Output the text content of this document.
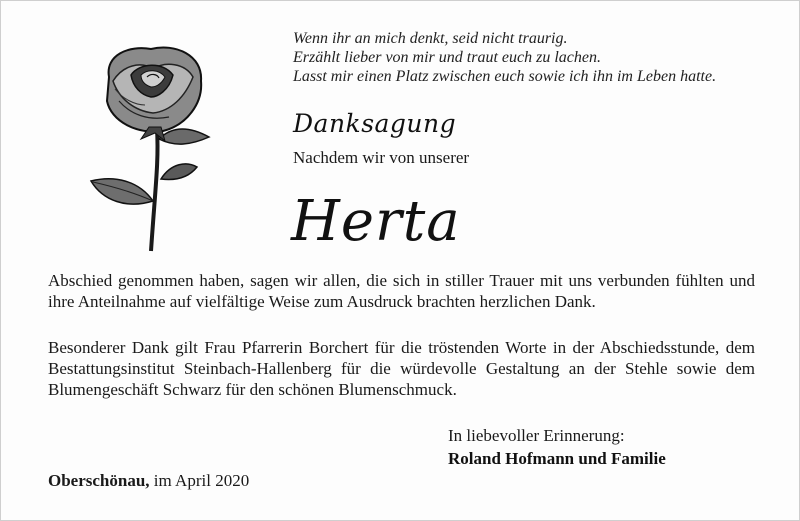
Wenn ihr an mich denkt, seid nicht traurig.
Erzählt lieber von mir und traut euch zu lachen.
Lasst mir einen Platz zwischen euch sowie ich ihn im Leben hatte.
Danksagung
Nachdem wir von unserer
Herta

Abschied genommen haben, sagen wir allen, die sich in stiller Trauer mit uns verbunden fühlten und ihre Anteilnahme auf vielfältige Weise zum Ausdruck brachten herzlichen Dank.

Besonderer Dank gilt Frau Pfarrerin Borchert für die tröstenden Worte in der Abschiedsstunde, dem Bestattungsinstitut Steinbach-Hallenberg für die würdevolle Gestaltung an der Stehle sowie dem Blumengeschäft Schwarz für den schönen Blumenschmuck.

In liebevoller Erinnerung:
Roland Hofmann und Familie
Oberschönau, im April 2020
